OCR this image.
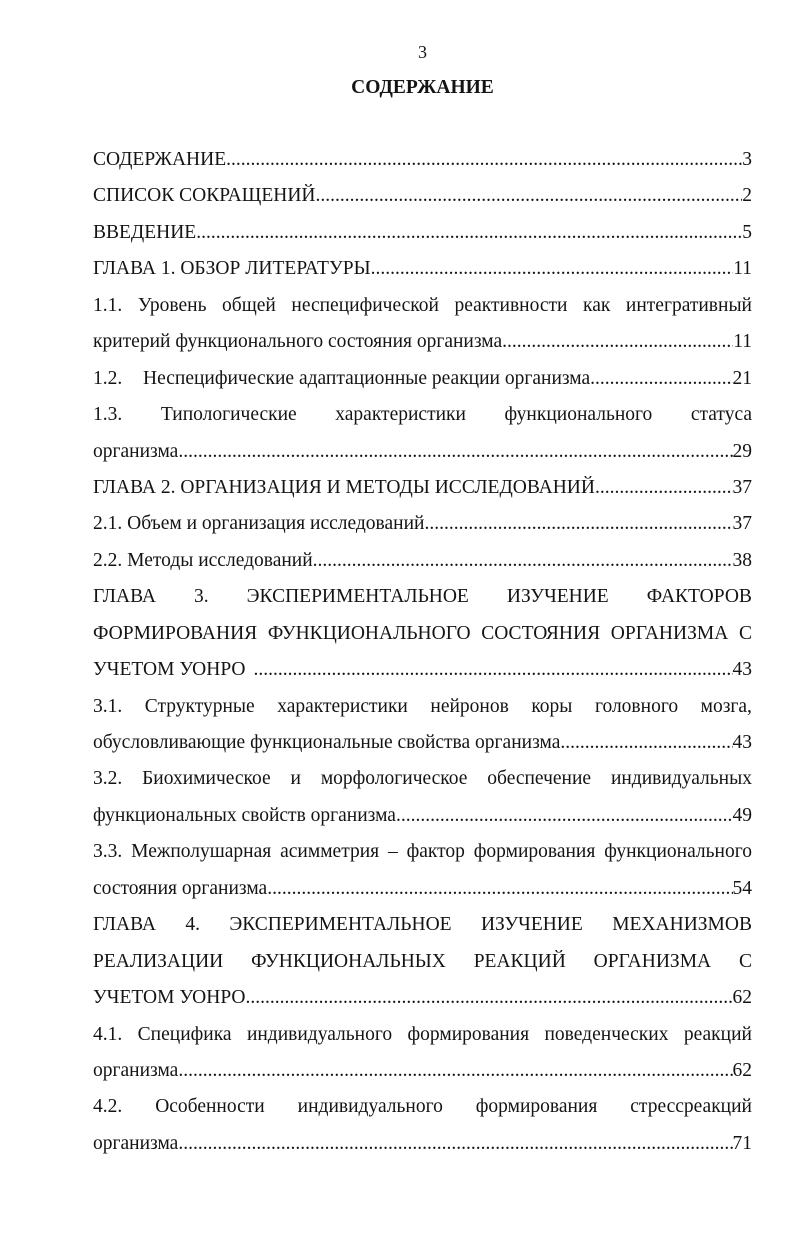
3
СОДЕРЖАНИЕ
СОДЕРЖАНИЕ .....	3
СПИСОК СОКРАЩЕНИЙ .....	2
ВВЕДЕНИЕ .....	5
ГЛАВА 1. ОБЗОР ЛИТЕРАТУРЫ .....	11
1.1. Уровень общей неспецифической реактивности как интегративный
критерий функционального состояния организма .....	11
1.2.	Неспецифические адаптационные реакции организма .....	21
1.3. Типологические характеристики функционального статуса
организма .....	29
ГЛАВА 2. ОРГАНИЗАЦИЯ И МЕТОДЫ ИССЛЕДОВАНИЙ .....	37
2.1. Объем и организация исследований .....	37
2.2. Методы исследований .....	38
ГЛАВА 3. ЭКСПЕРИМЕНТАЛЬНОЕ ИЗУЧЕНИЕ ФАКТОРОВ
ФОРМИРОВАНИЯ ФУНКЦИОНАЛЬНОГО СОСТОЯНИЯ ОРГАНИЗМА С
УЧЕТОМ УОНРО .....	43
3.1. Структурные характеристики нейронов коры головного мозга,
обусловливающие функциональные свойства организма .....	43
3.2. Биохимическое и морфологическое обеспечение индивидуальных
функциональных свойств организма .....	49
3.3. Межполушарная асимметрия – фактор формирования функционального
состояния организма .....	54
ГЛАВА 4. ЭКСПЕРИМЕНТАЛЬНОЕ ИЗУЧЕНИЕ МЕХАНИЗМОВ
РЕАЛИЗАЦИИ ФУНКЦИОНАЛЬНЫХ РЕАКЦИЙ ОРГАНИЗМА С
УЧЕТОМ УОНРО .....	62
4.1. Специфика индивидуального формирования поведенческих реакций
организма .....	62
4.2. Особенности индивидуального формирования стрессреакций
организма .....	71
